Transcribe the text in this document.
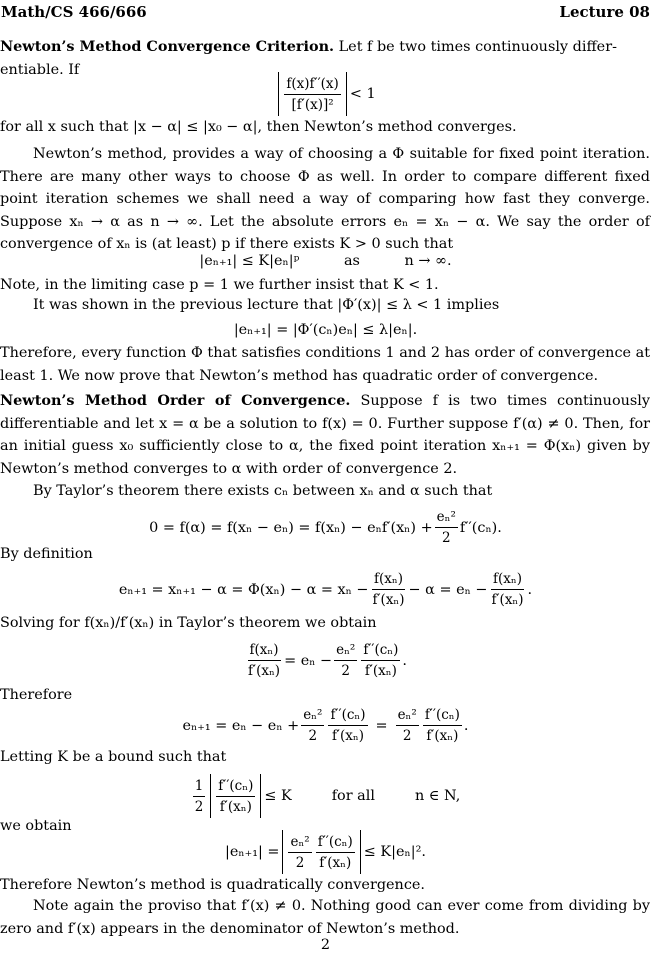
Math/CS 466/666	Lecture 08
Newton’s Method Convergence Criterion. Let f be two times continuously differ-
entiable. If
$\frac{f(x)f''(x)}{\text{[f′(x)]²}} < 1$
for all x such that |x − α| ≤ |x₀ − α|, then Newton’s method converges.
Newton’s method, provides a way of choosing a Φ suitable for fixed point iteration. There are many other ways to choose Φ as well. In order to compare different fixed point iteration schemes we shall need a way of comparing how fast they converge. Suppose xₙ → α as n → ∞. Let the absolute errors eₙ = xₙ − α. We say the order of convergence of xₙ is (at least) p if there exists K > 0 such that
|eₙ₊₁| ≤ K|eₙ|ᵖ	as	n → ∞.
Note, in the limiting case p = 1 we further insist that K < 1.
It was shown in the previous lecture that |Φ′(x)| ≤ λ < 1 implies
|eₙ₊₁| = |Φ′(cₙ)eₙ| ≤ λ|eₙ|.
Therefore, every function Φ that satisfies conditions 1 and 2 has order of convergence at least 1. We now prove that Newton’s method has quadratic order of convergence.
Newton’s Method Order of Convergence. Suppose f is two times continuously differentiable and let x = α be a solution to f(x) = 0. Further suppose f′(α) ≠ 0. Then, for an initial guess x₀ sufficiently close to α, the fixed point iteration xₙ₊₁ = Φ(xₙ) given by Newton’s method converges to α with order of convergence 2.
By Taylor’s theorem there exists cₙ between xₙ and α such that
$0 = f(\alpha) = f(x_n - e_n) = f(x_n) - e_nf'(x_n) + \frac{\text{eₙ²}}{2} f''(c_n)$.
By definition
$e_{n+1} = x_{n+1} - \alpha = \Phi(x_n) - \alpha = x_n - \frac{\text{f(xₙ)}}{\text{f′(xₙ)}} - \alpha = e_n - \frac{\text{f(xₙ)}}{\text{f′(xₙ)}}$ .
Solving for f(xₙ)/f′(xₙ) in Taylor’s theorem we obtain
$\frac{\text{f(xₙ)}}{\text{f′(xₙ)}} = e_n - \frac{\text{eₙ²}}{2} \frac{\text{f′′(cₙ)}}{\text{f′(xₙ)}}$ .
Therefore
$e_{n+1} = e_n - e_n + \frac{\text{eₙ²}}{2} \frac{\text{f′′(cₙ)}}{\text{f′(xₙ)}} = \frac{\text{eₙ²}}{2} \frac{\text{f′′(cₙ)}}{\text{f′(xₙ)}}$ .
Letting K be a bound such that
$\frac{1}{2} \frac{\text{f′′(cₙ)}}{\text{f′(xₙ)}} \le K$	for all	n ∈ N,
we obtain
$|e_{n+1}| = \frac{\text{eₙ²}}{2} \frac{\text{f′′(cₙ)}}{\text{f′(xₙ)}} \le K|e_n|^2$.
Therefore Newton’s method is quadratically convergence.
Note again the proviso that f′(x) ≠ 0. Nothing good can ever come from dividing by zero and f′(x) appears in the denominator of Newton’s method.
2
